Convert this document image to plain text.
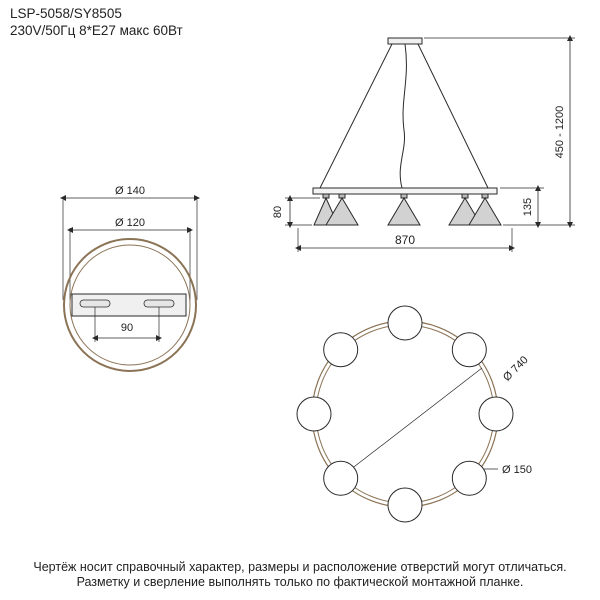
LSP-5058/SY8505
230V/50Гц 8*E27 макс 60Вт
80	135
450 - 1200
870
Ø 140
Ø 120
90
Ø 740
Ø 150
Чертёж носит справочный характер, размеры и расположение отверстий могут отличаться.
Разметку и сверление выполнять только по фактической монтажной планке.
